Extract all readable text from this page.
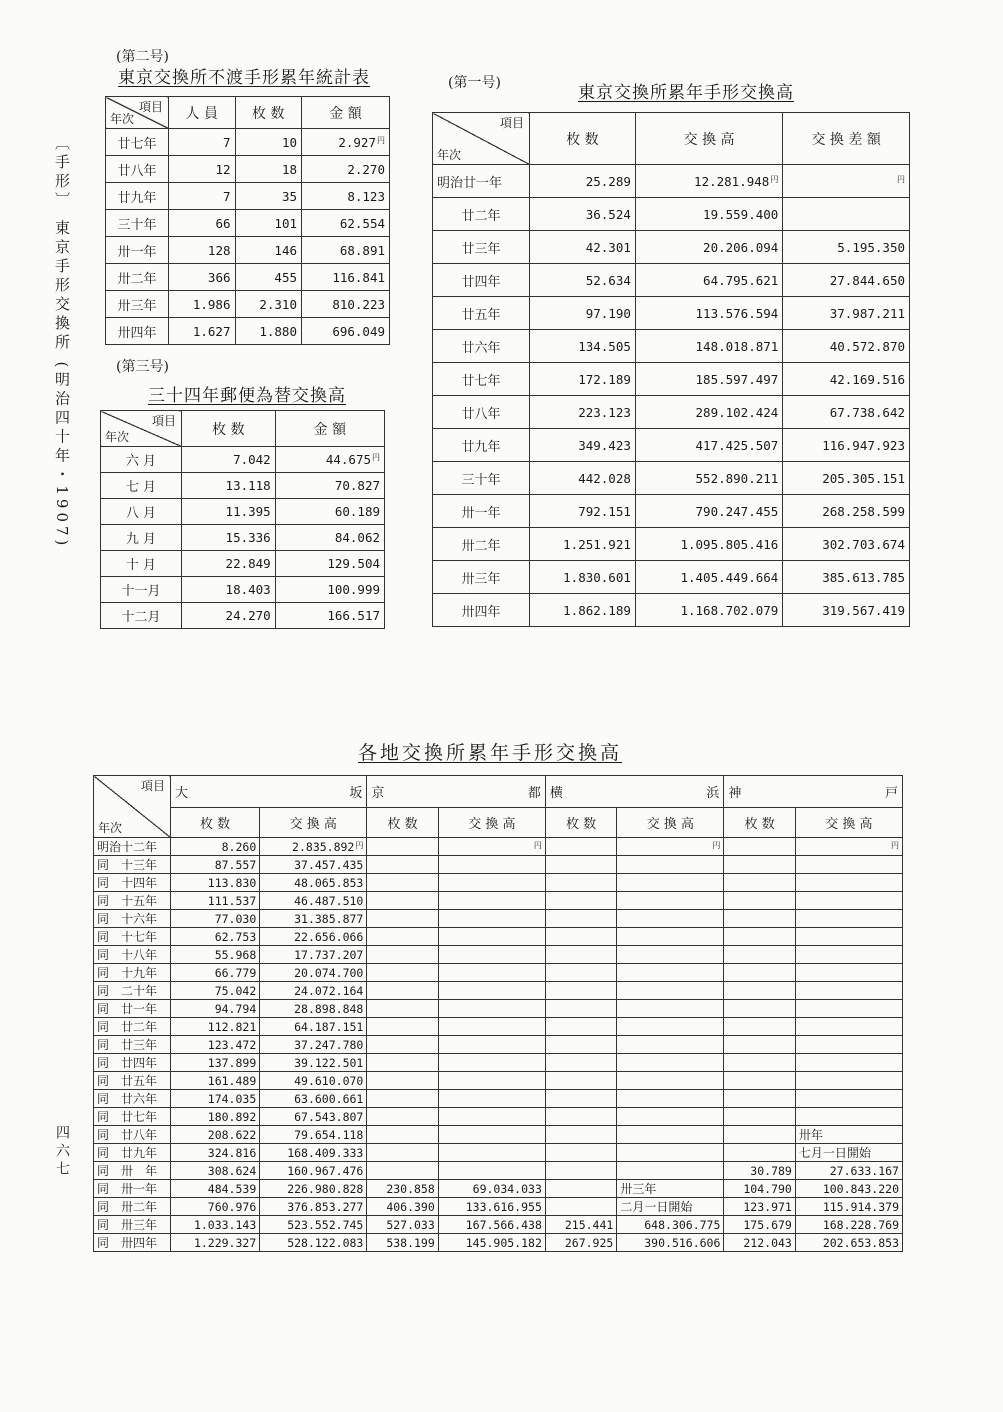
〔手形〕 東京手形交換所 (明治四十年・1907)
四六七
(第二号)
東京交換所不渡手形累年統計表
項目
年次	人 員	枚 数	金 額
廿七年	7	10	$2.927^円$
廿八年	12	18	2.270
廿九年	7	35	8.123
三十年	66	101	62.554
卅一年	128	146	68.891
卅二年	366	455	116.841
卅三年	1.986	2.310	810.223
卅四年	1.627	1.880	696.049
(第三号)
三十四年郵便為替交換高
項目
年次	枚 数	金 額
六 月	7.042	$44.675^円$
七 月	13.118	70.827
八 月	11.395	60.189
九 月	15.336	84.062
十 月	22.849	129.504
十一月	18.403	100.999
十二月	24.270	166.517
(第一号)	東京交換所累年手形交換高
項目
年次	枚 数	交 換 高	交 換 差 額
明治廿一年	25.289	$12.281.948^円$	$^円$
廿二年	36.524	19.559.400	
廿三年	42.301	20.206.094	5.195.350
廿四年	52.634	64.795.621	27.844.650
廿五年	97.190	113.576.594	37.987.211
廿六年	134.505	148.018.871	40.572.870
廿七年	172.189	185.597.497	42.169.516
廿八年	223.123	289.102.424	67.738.642
廿九年	349.423	417.425.507	116.947.923
三十年	442.028	552.890.211	205.305.151
卅一年	792.151	790.247.455	268.258.599
卅二年	1.251.921	1.095.805.416	302.703.674
卅三年	1.830.601	1.405.449.664	385.613.785
卅四年	1.862.189	1.168.702.079	319.567.419
各地交換所累年手形交換高
項目
年次	大 坂		京 都		横 浜		神 戸	

	枚 数	交 換 高	枚 数	交 換 高	枚 数	交 換 高	枚 数	交 換 高
明治十二年	8.260	$2.835.892^円$		$^円$		$^円$		$^円$
同　十三年	87.557	37.457.435						
同　十四年	113.830	48.065.853						
同　十五年	111.537	46.487.510						
同　十六年	77.030	31.385.877						
同　十七年	62.753	22.656.066						
同　十八年	55.968	17.737.207						
同　十九年	66.779	20.074.700						
同　二十年	75.042	24.072.164						
同　廿一年	94.794	28.898.848						
同　廿二年	112.821	64.187.151						
同　廿三年	123.472	37.247.780						
同　廿四年	137.899	39.122.501						
同　廿五年	161.489	49.610.070						
同　廿六年	174.035	63.600.661						
同　廿七年	180.892	67.543.807						
同　廿八年	208.622	79.654.118						卅年
同　廿九年	324.816	168.409.333						七月一日開始
同　卅　年	308.624	160.967.476					30.789	27.633.167
同　卅一年	484.539	226.980.828	230.858	69.034.033		卅三年	104.790	100.843.220
同　卅二年	760.976	376.853.277	406.390	133.616.955		二月一日開始	123.971	115.914.379
同　卅三年	1.033.143	523.552.745	527.033	167.566.438	215.441	648.306.775	175.679	168.228.769
同　卅四年	1.229.327	528.122.083	538.199	145.905.182	267.925	390.516.606	212.043	202.653.853
